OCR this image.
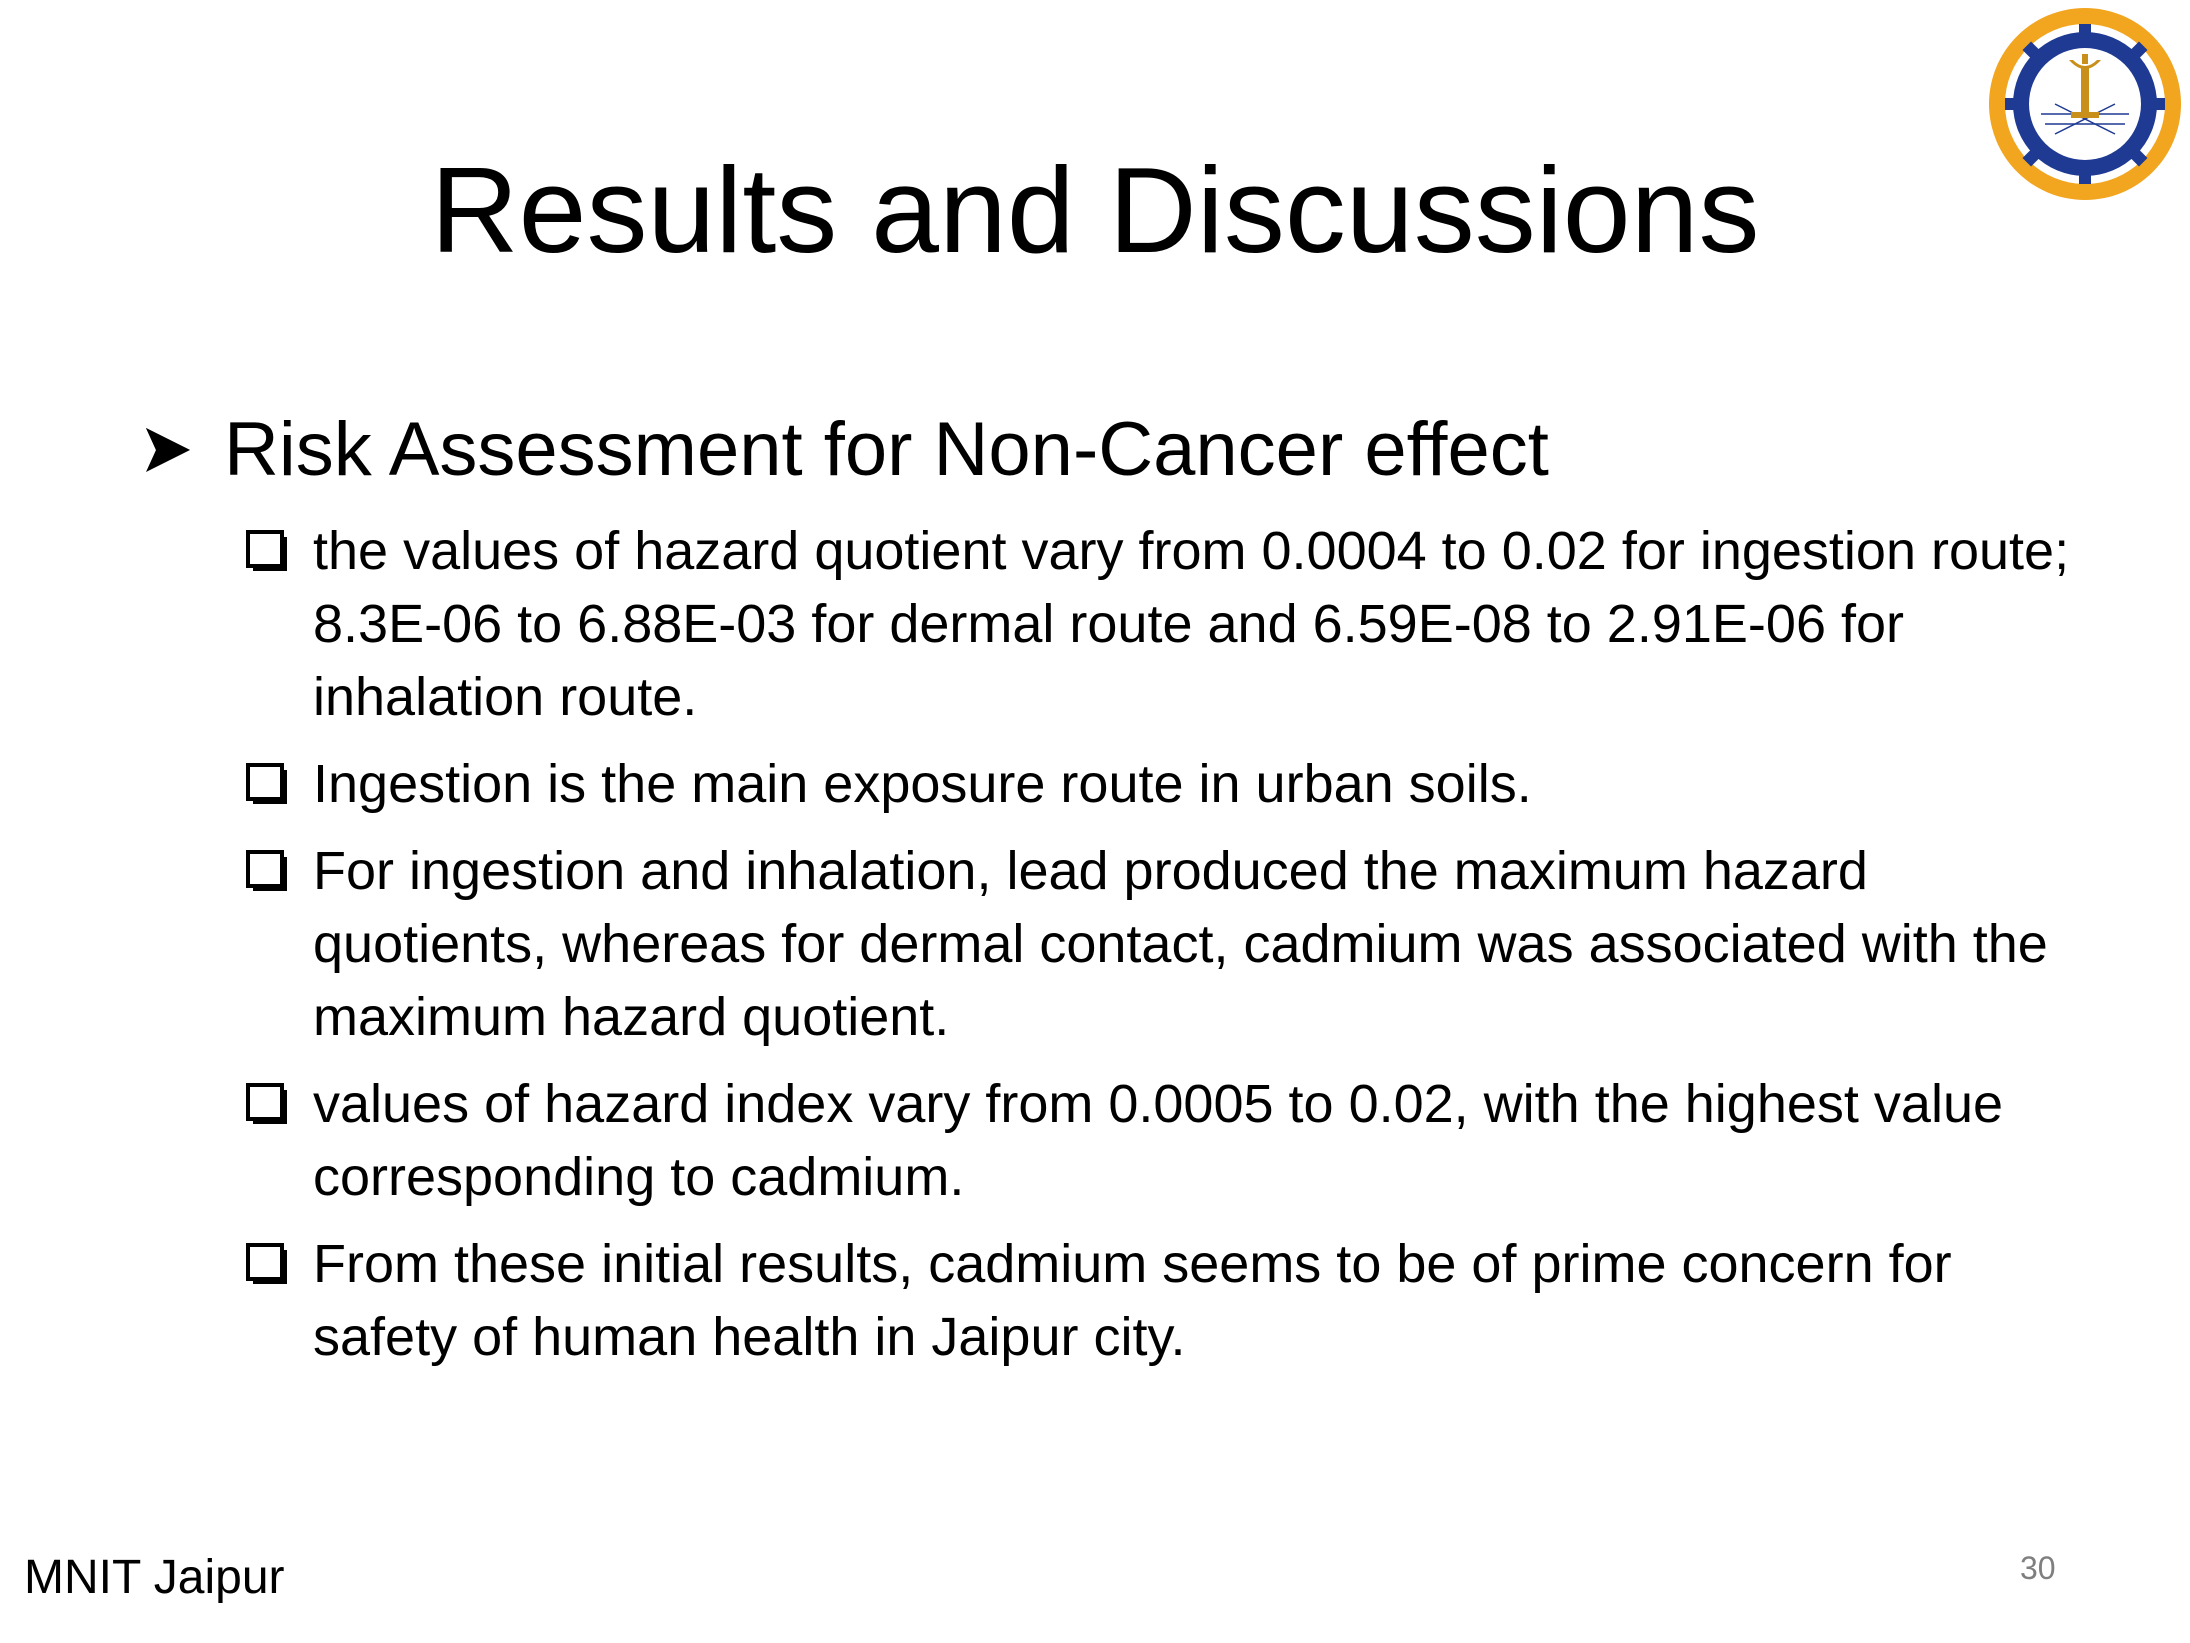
Results and Discussions
Risk Assessment for Non-Cancer effect
the values of hazard quotient vary from 0.0004 to 0.02 for ingestion route; 8.3E-06 to 6.88E-03 for dermal route and 6.59E-08 to 2.91E-06 for inhalation route.
Ingestion is the main exposure route in urban soils.
For ingestion and inhalation, lead produced the maximum hazard quotients, whereas for dermal contact, cadmium was associated with the maximum hazard quotient.
values of hazard index vary from 0.0005 to 0.02, with the highest value corresponding to cadmium.
From these initial results, cadmium seems to be of prime concern for safety of human health in Jaipur city.
MNIT Jaipur	30
